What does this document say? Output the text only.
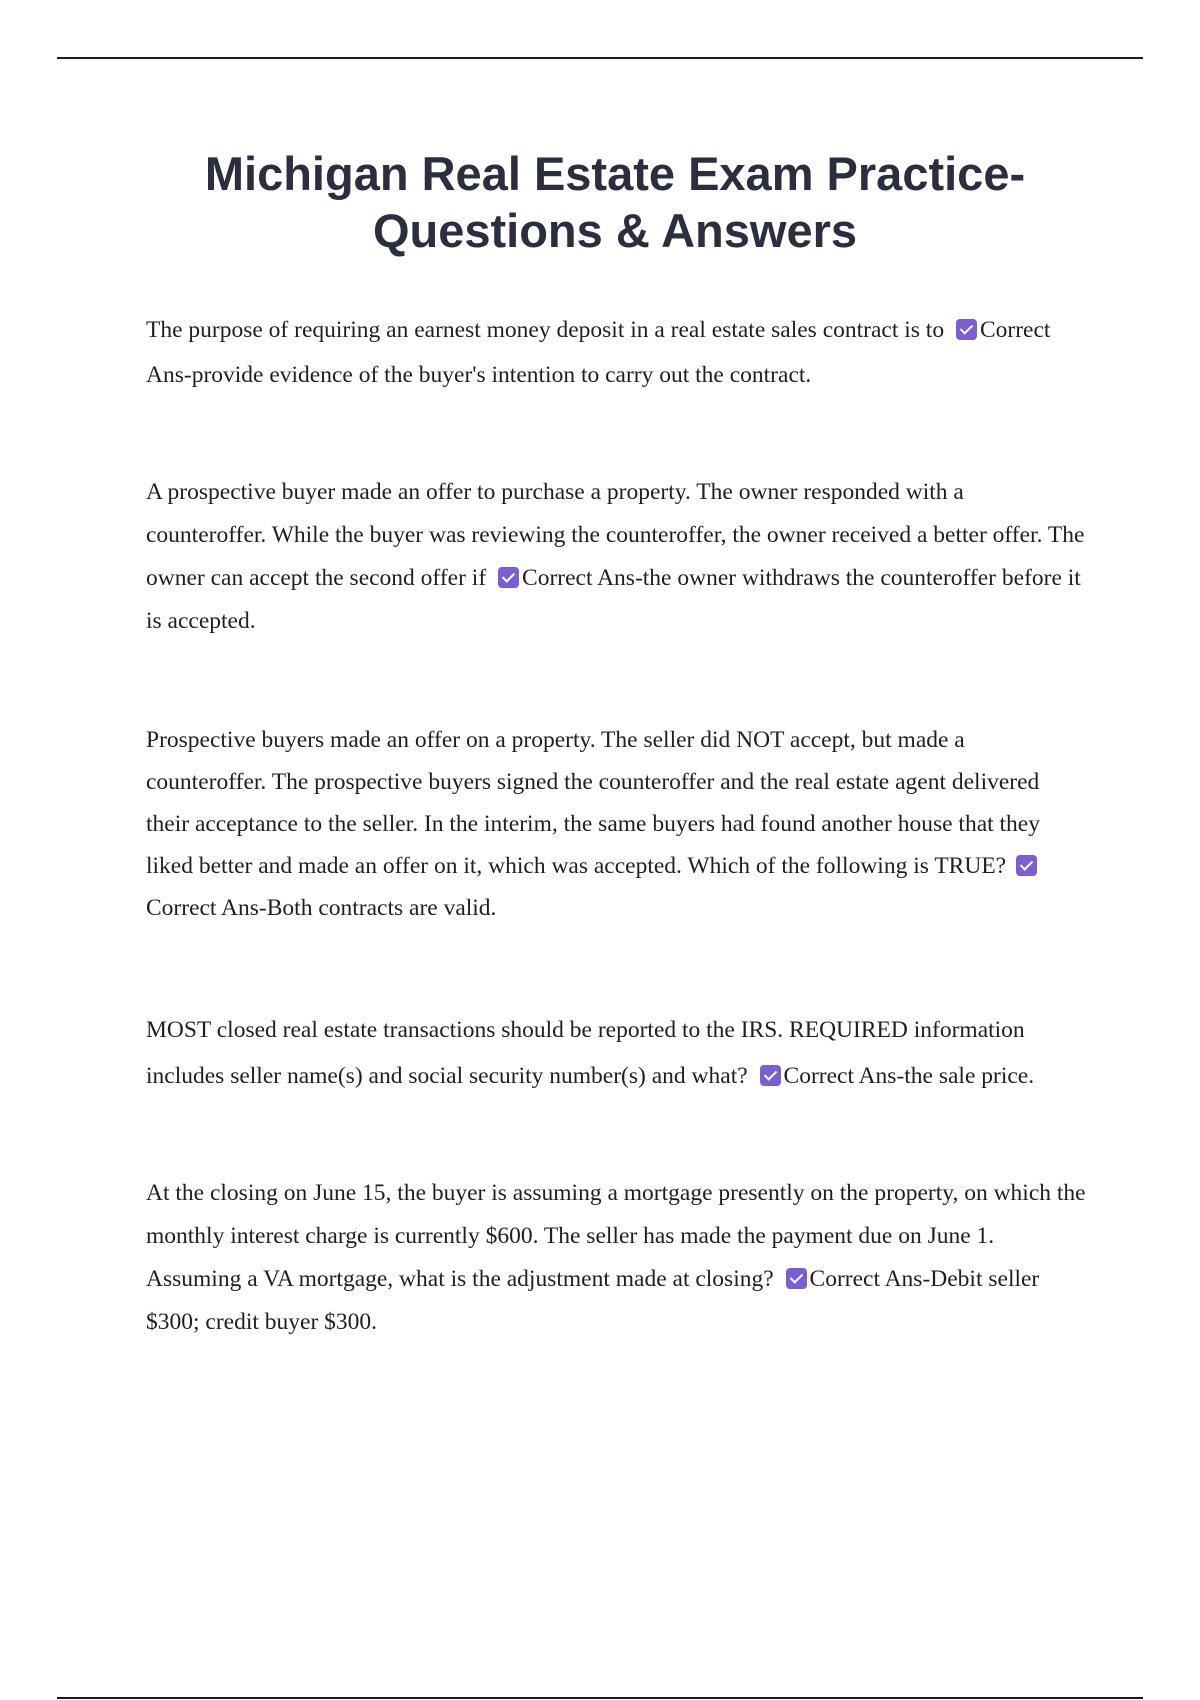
Michigan Real Estate Exam Practice-Questions & Answers

The purpose of requiring an earnest money deposit in a real estate sales contract is to Correct Ans-provide evidence of the buyer's intention to carry out the contract.

A prospective buyer made an offer to purchase a property. The owner responded with a counteroffer. While the buyer was reviewing the counteroffer, the owner received a better offer. The owner can accept the second offer if Correct Ans-the owner withdraws the counteroffer before it is accepted.

Prospective buyers made an offer on a property. The seller did NOT accept, but made a counteroffer. The prospective buyers signed the counteroffer and the real estate agent delivered their acceptance to the seller. In the interim, the same buyers had found another house that they liked better and made an offer on it, which was accepted. Which of the following is TRUE? Correct Ans-Both contracts are valid.

MOST closed real estate transactions should be reported to the IRS. REQUIRED information includes seller name(s) and social security number(s) and what? Correct Ans-the sale price.

At the closing on June 15, the buyer is assuming a mortgage presently on the property, on which the monthly interest charge is currently $600. The seller has made the payment due on June 1. Assuming a VA mortgage, what is the adjustment made at closing? Correct Ans-Debit seller $300; credit buyer $300.
